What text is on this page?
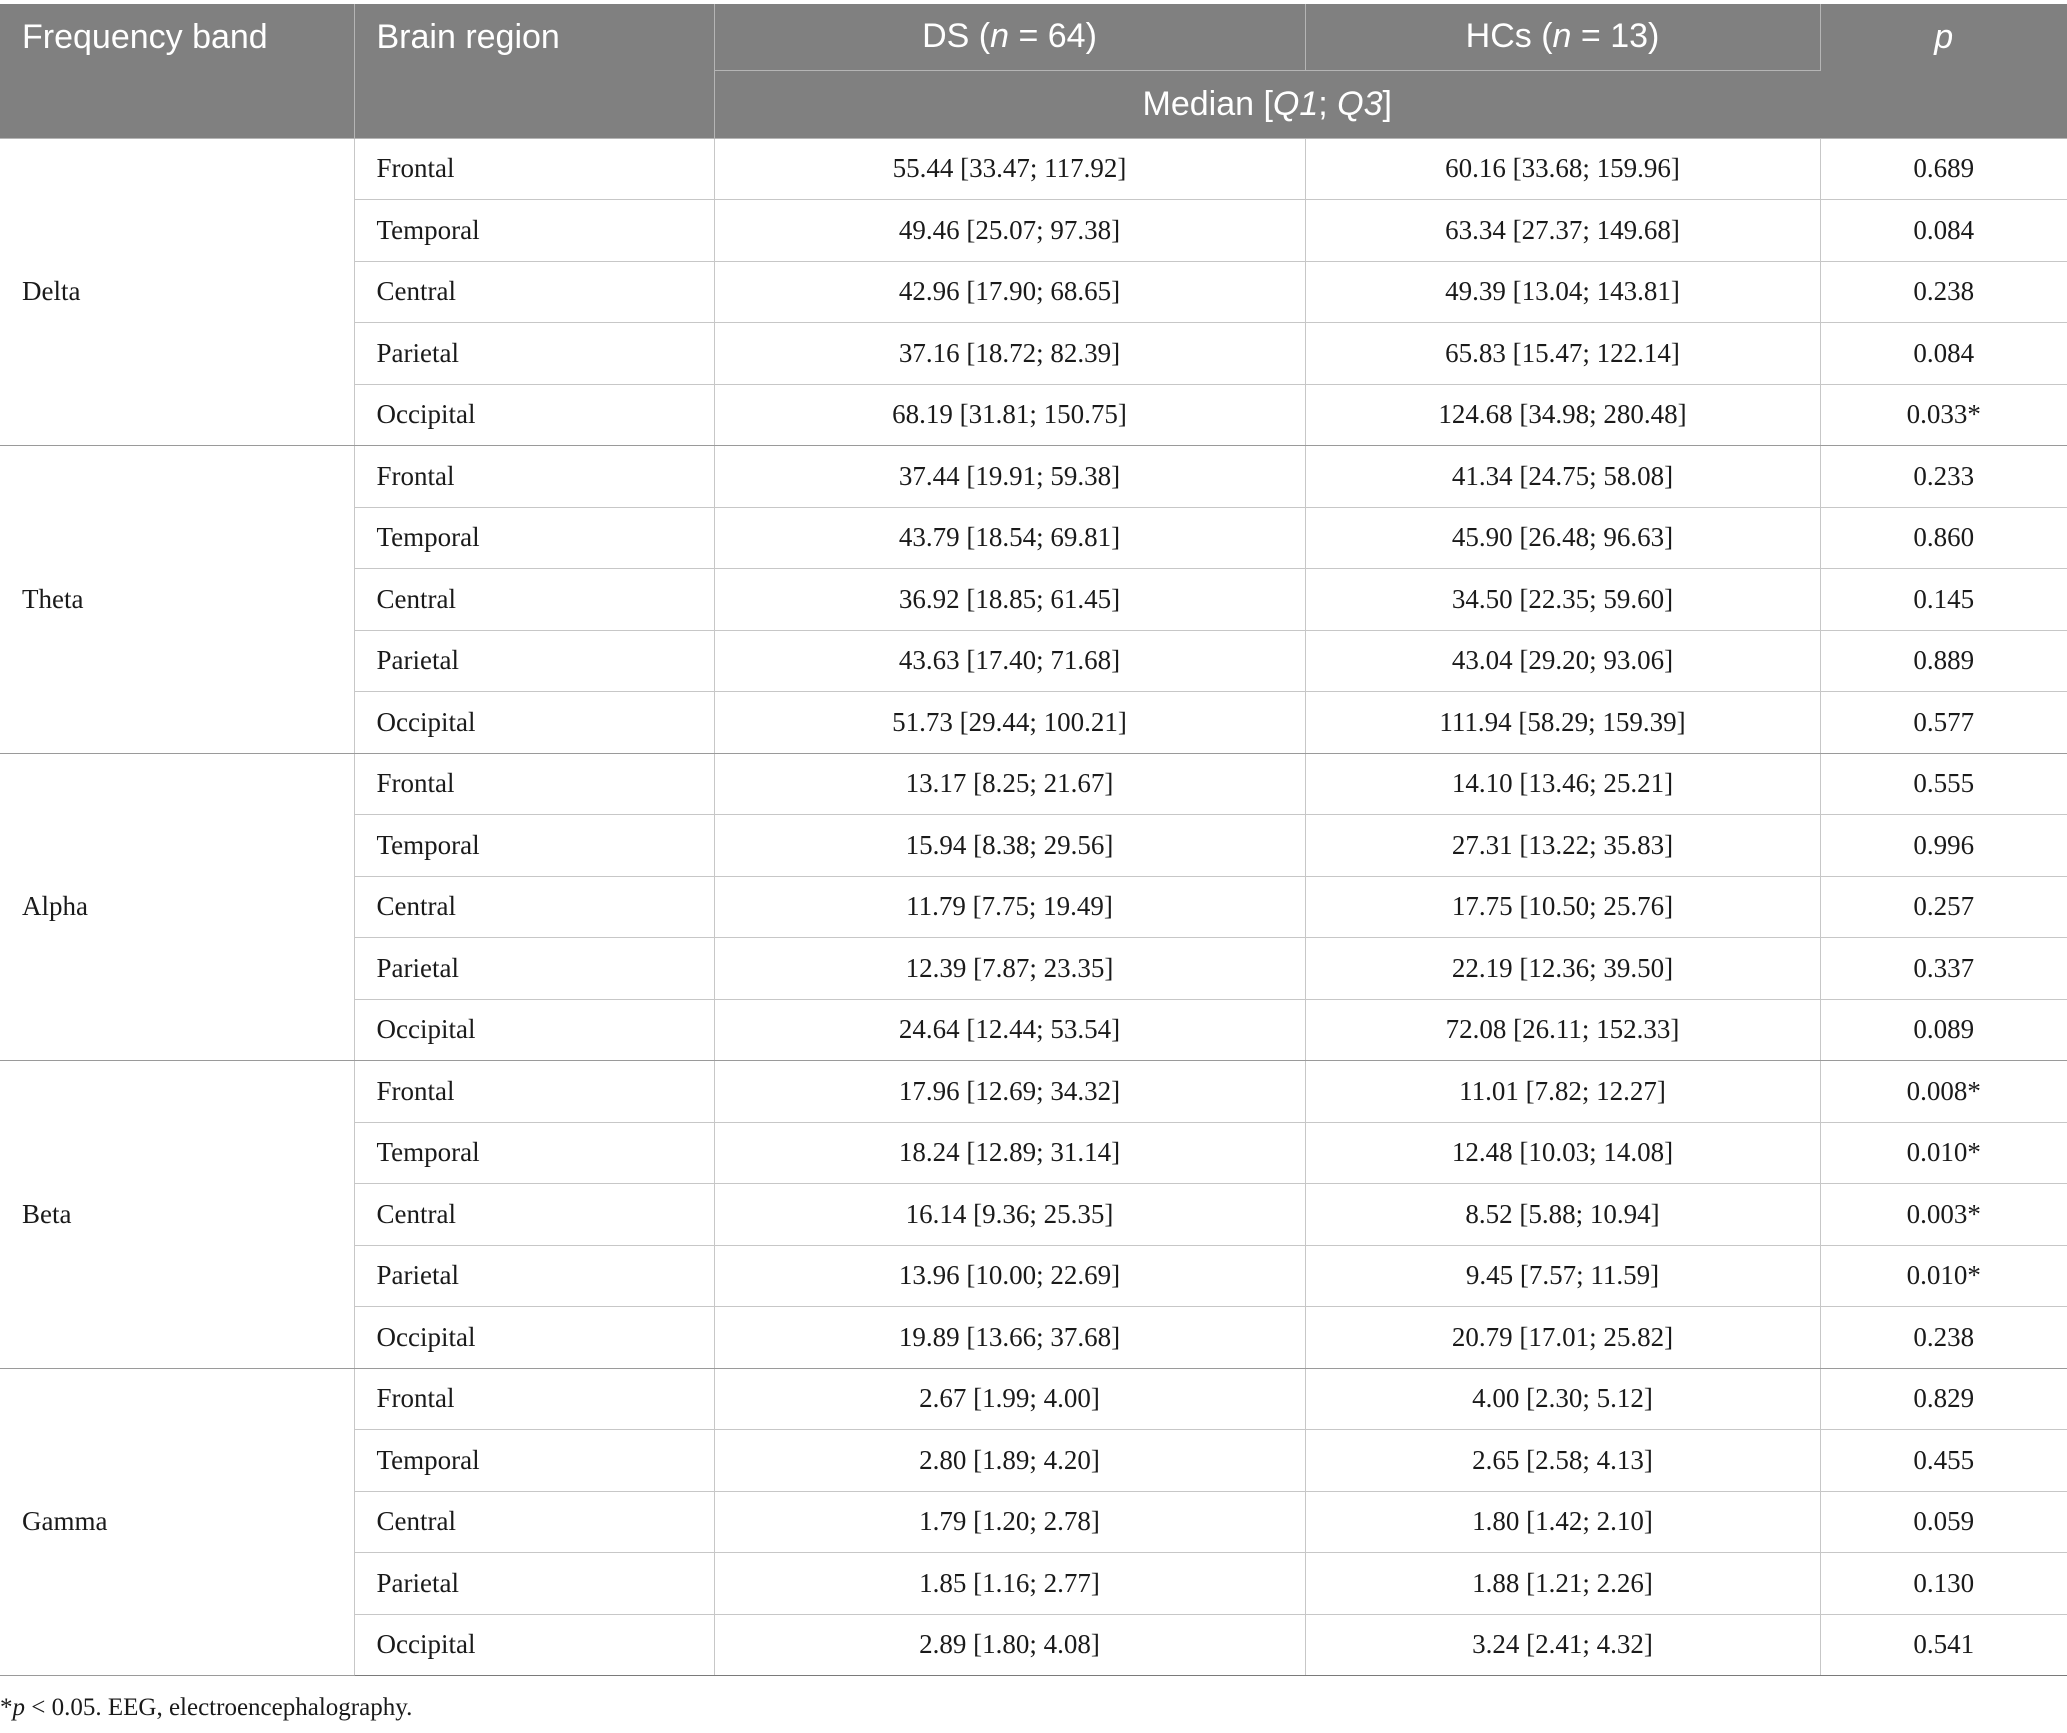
Frequency band	Brain region	DS (n = 64)	HCs (n = 13)	p
		Median [Q1; Q3]		
Delta	Frontal	55.44 [33.47; 117.92]	60.16 [33.68; 159.96]	0.689
	Temporal	49.46 [25.07; 97.38]	63.34 [27.37; 149.68]	0.084
	Central	42.96 [17.90; 68.65]	49.39 [13.04; 143.81]	0.238
	Parietal	37.16 [18.72; 82.39]	65.83 [15.47; 122.14]	0.084
	Occipital	68.19 [31.81; 150.75]	124.68 [34.98; 280.48]	0.033*
Theta	Frontal	37.44 [19.91; 59.38]	41.34 [24.75; 58.08]	0.233
	Temporal	43.79 [18.54; 69.81]	45.90 [26.48; 96.63]	0.860
	Central	36.92 [18.85; 61.45]	34.50 [22.35; 59.60]	0.145
	Parietal	43.63 [17.40; 71.68]	43.04 [29.20; 93.06]	0.889
	Occipital	51.73 [29.44; 100.21]	111.94 [58.29; 159.39]	0.577
Alpha	Frontal	13.17 [8.25; 21.67]	14.10 [13.46; 25.21]	0.555
	Temporal	15.94 [8.38; 29.56]	27.31 [13.22; 35.83]	0.996
	Central	11.79 [7.75; 19.49]	17.75 [10.50; 25.76]	0.257
	Parietal	12.39 [7.87; 23.35]	22.19 [12.36; 39.50]	0.337
	Occipital	24.64 [12.44; 53.54]	72.08 [26.11; 152.33]	0.089
Beta	Frontal	17.96 [12.69; 34.32]	11.01 [7.82; 12.27]	0.008*
	Temporal	18.24 [12.89; 31.14]	12.48 [10.03; 14.08]	0.010*
	Central	16.14 [9.36; 25.35]	8.52 [5.88; 10.94]	0.003*
	Parietal	13.96 [10.00; 22.69]	9.45 [7.57; 11.59]	0.010*
	Occipital	19.89 [13.66; 37.68]	20.79 [17.01; 25.82]	0.238
Gamma	Frontal	2.67 [1.99; 4.00]	4.00 [2.30; 5.12]	0.829
	Temporal	2.80 [1.89; 4.20]	2.65 [2.58; 4.13]	0.455
	Central	1.79 [1.20; 2.78]	1.80 [1.42; 2.10]	0.059
	Parietal	1.85 [1.16; 2.77]	1.88 [1.21; 2.26]	0.130
	Occipital	2.89 [1.80; 4.08]	3.24 [2.41; 4.32]	0.541
*p < 0.05. EEG, electroencephalography.
